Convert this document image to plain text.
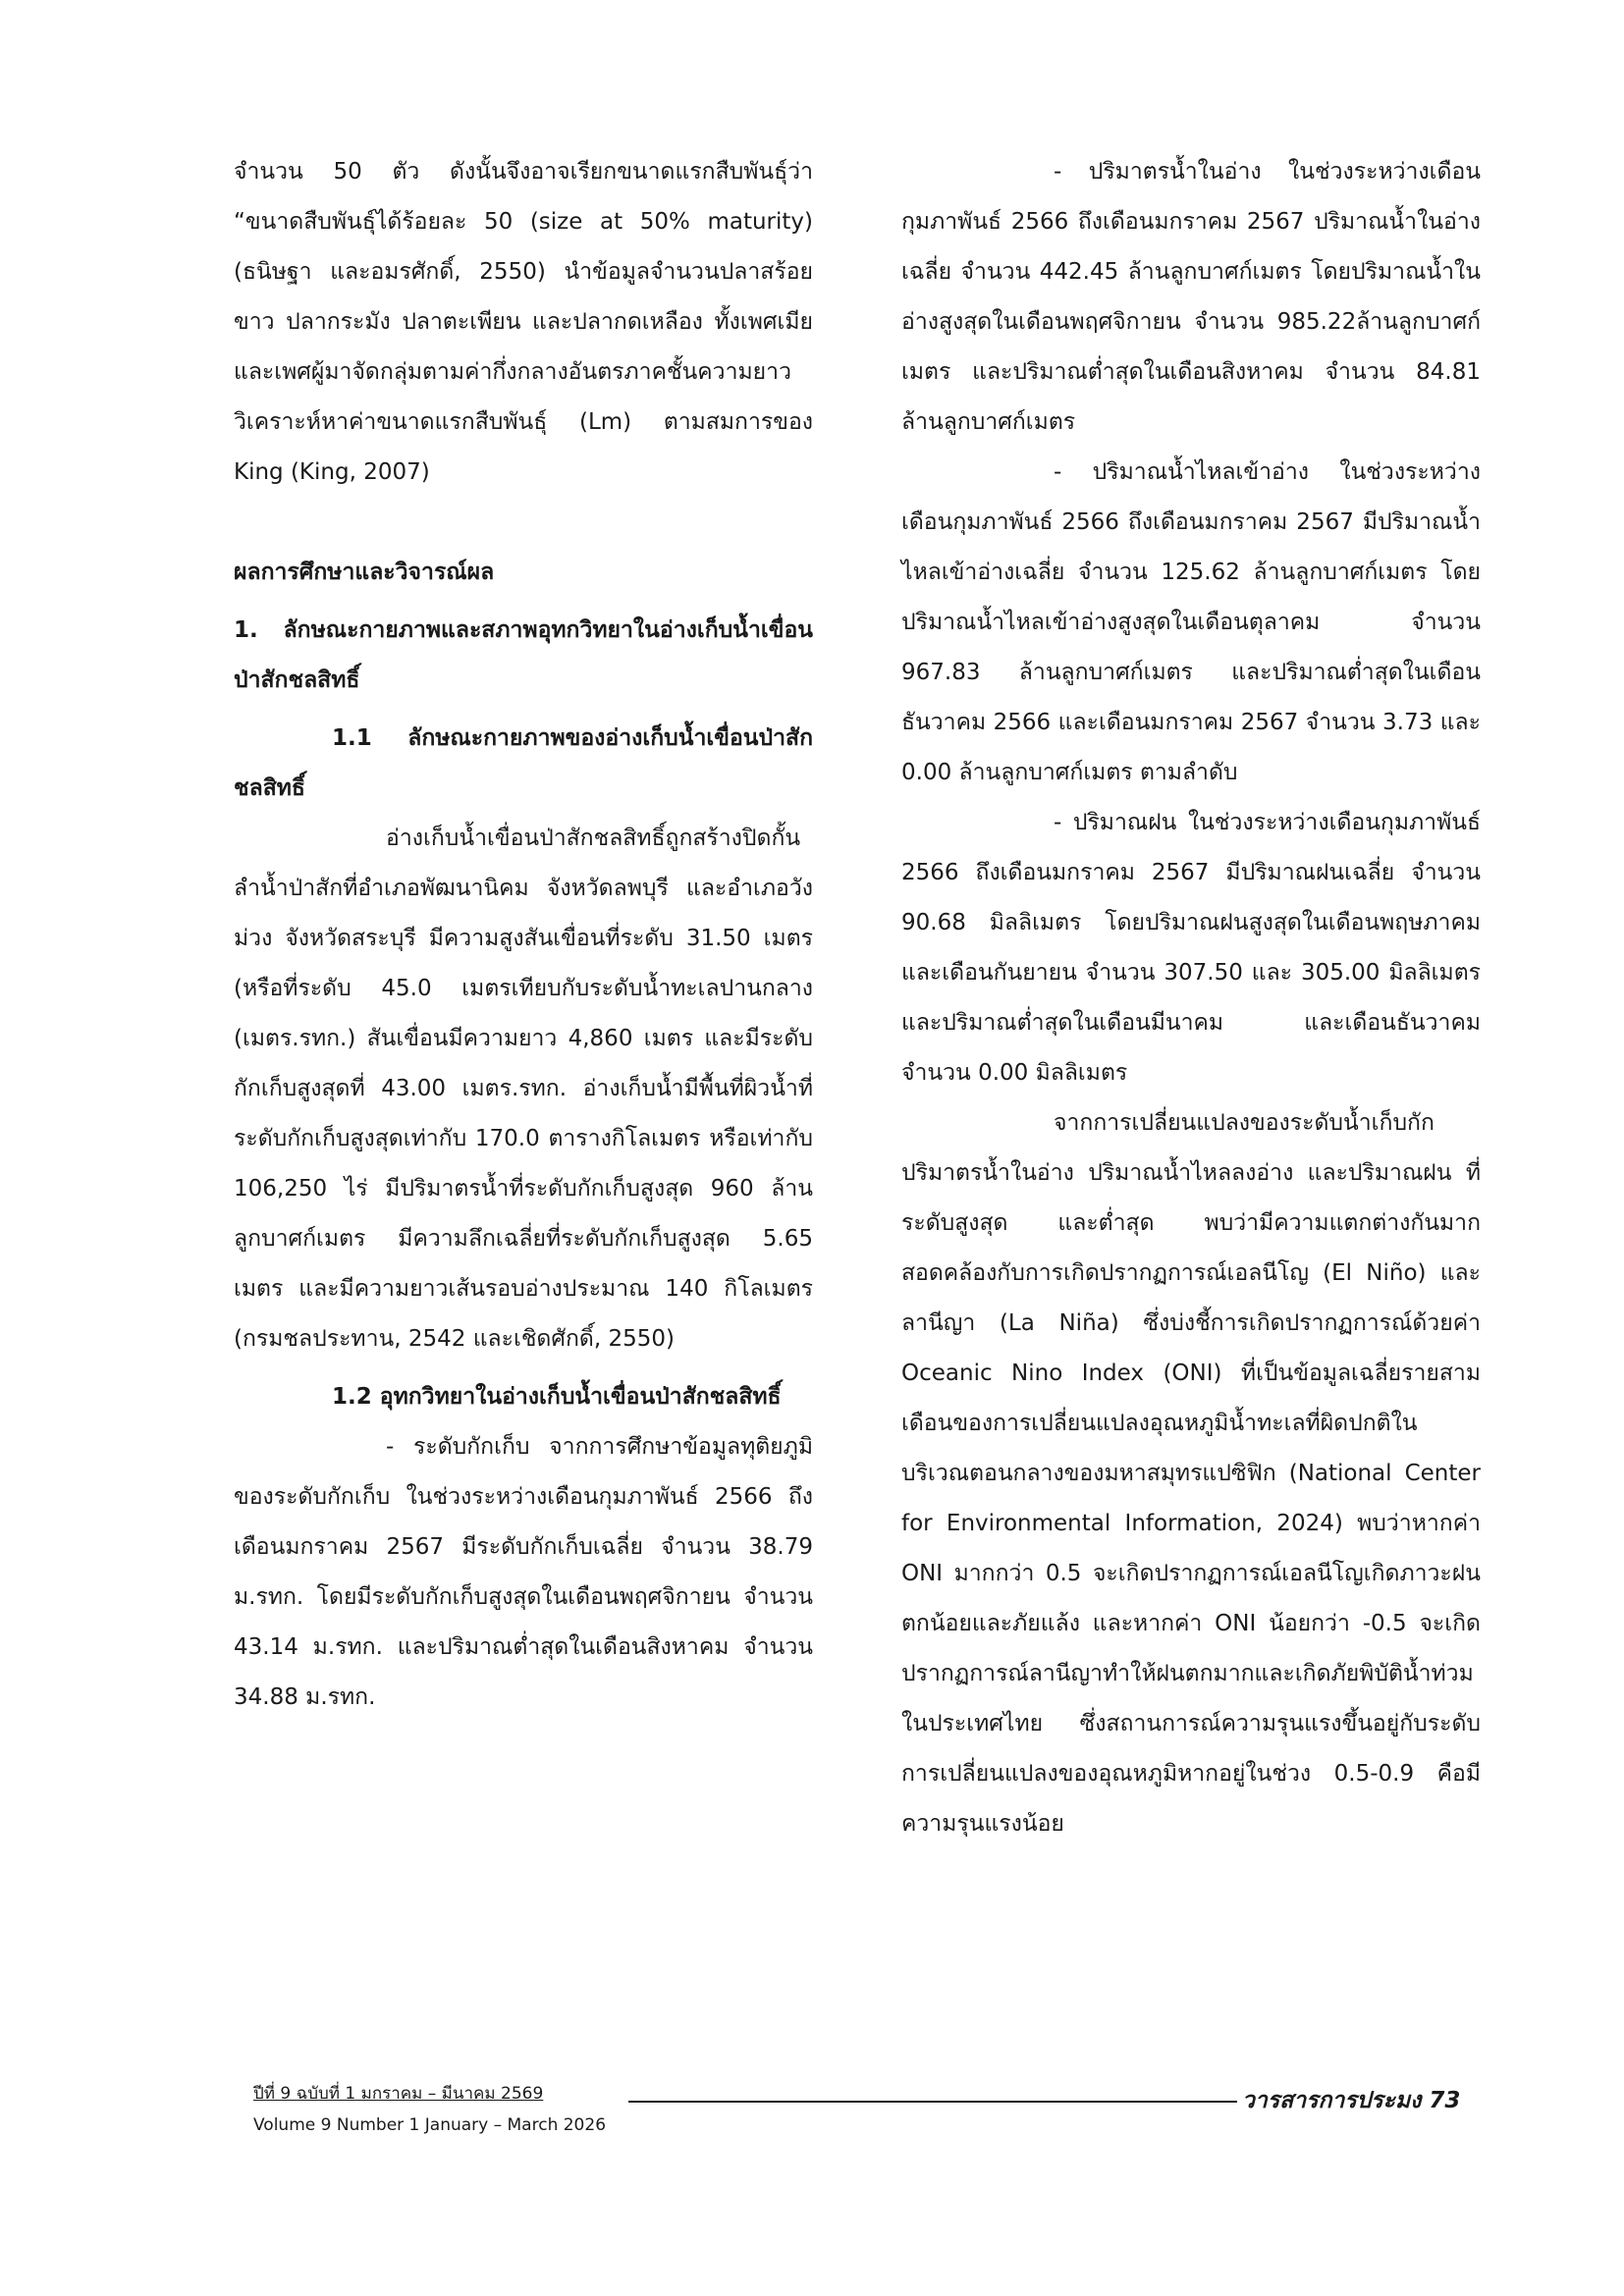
จำนวน 50 ตัว ดังนั้นจึงอาจเรียกขนาดแรกสืบพันธุ์ว่า “ขนาดสืบพันธุ์ได้ร้อยละ 50 (size at 50% maturity) (ธนิษฐา และอมรศักดิ์, 2550) นำข้อมูลจำนวนปลาสร้อยขาว ปลากระมัง ปลาตะเพียน และปลากดเหลือง ทั้งเพศเมียและเพศผู้มาจัดกลุ่มตามค่ากึ่งกลางอันตรภาคชั้นความยาว วิเคราะห์หาค่าขนาดแรกสืบพันธุ์ (Lm) ตามสมการของ King (King, 2007)

ผลการศึกษาและวิจารณ์ผล

1. ลักษณะกายภาพและสภาพอุทกวิทยาในอ่างเก็บน้ำเขื่อนป่าสักชลสิทธิ์

1.1 ลักษณะกายภาพของอ่างเก็บน้ำเขื่อนป่าสักชลสิทธิ์

อ่างเก็บน้ำเขื่อนป่าสักชลสิทธิ์ถูกสร้างปิดกั้นลำน้ำป่าสักที่อำเภอพัฒนานิคม จังหวัดลพบุรี และอำเภอวังม่วง จังหวัดสระบุรี มีความสูงสันเขื่อนที่ระดับ 31.50 เมตร (หรือที่ระดับ 45.0 เมตรเทียบกับระดับน้ำทะเลปานกลาง (เมตร.รทก.) สันเขื่อนมีความยาว 4,860 เมตร และมีระดับกักเก็บสูงสุดที่ 43.00 เมตร.รทก. อ่างเก็บน้ำมีพื้นที่ผิวน้ำที่ระดับกักเก็บสูงสุดเท่ากับ 170.0 ตารางกิโลเมตร หรือเท่ากับ 106,250 ไร่ มีปริมาตรน้ำที่ระดับกักเก็บสูงสุด 960 ล้านลูกบาศก์เมตร มีความลึกเฉลี่ยที่ระดับกักเก็บสูงสุด 5.65 เมตร และมีความยาวเส้นรอบอ่างประมาณ 140 กิโลเมตร (กรมชลประทาน, 2542 และเชิดศักดิ์, 2550)

1.2 อุทกวิทยาในอ่างเก็บน้ำเขื่อนป่าสักชลสิทธิ์

- ระดับกักเก็บ จากการศึกษาข้อมูลทุติยภูมิของระดับกักเก็บ ในช่วงระหว่างเดือนกุมภาพันธ์ 2566 ถึงเดือนมกราคม 2567 มีระดับกักเก็บเฉลี่ย จำนวน 38.79 ม.รทก. โดยมีระดับกักเก็บสูงสุดในเดือนพฤศจิกายน จำนวน 43.14 ม.รทก. และปริมาณต่ำสุดในเดือนสิงหาคม จำนวน 34.88 ม.รทก.

- ปริมาตรน้ำในอ่าง ในช่วงระหว่างเดือนกุมภาพันธ์ 2566 ถึงเดือนมกราคม 2567 ปริมาณน้ำในอ่างเฉลี่ย จำนวน 442.45 ล้านลูกบาศก์เมตร โดยปริมาณน้ำในอ่างสูงสุดในเดือนพฤศจิกายน จำนวน 985.22ล้านลูกบาศก์เมตร และปริมาณต่ำสุดในเดือนสิงหาคม จำนวน 84.81 ล้านลูกบาศก์เมตร

- ปริมาณน้ำไหลเข้าอ่าง ในช่วงระหว่างเดือนกุมภาพันธ์ 2566 ถึงเดือนมกราคม 2567 มีปริมาณน้ำไหลเข้าอ่างเฉลี่ย จำนวน 125.62 ล้านลูกบาศก์เมตร โดยปริมาณน้ำไหลเข้าอ่างสูงสุดในเดือนตุลาคม จำนวน 967.83 ล้านลูกบาศก์เมตร และปริมาณต่ำสุดในเดือนธันวาคม 2566 และเดือนมกราคม 2567 จำนวน 3.73 และ 0.00 ล้านลูกบาศก์เมตร ตามลำดับ

- ปริมาณฝน ในช่วงระหว่างเดือนกุมภาพันธ์ 2566 ถึงเดือนมกราคม 2567 มีปริมาณฝนเฉลี่ย จำนวน 90.68 มิลลิเมตร โดยปริมาณฝนสูงสุดในเดือนพฤษภาคม และเดือนกันยายน จำนวน 307.50 และ 305.00 มิลลิเมตร และปริมาณต่ำสุดในเดือนมีนาคม และเดือนธันวาคม จำนวน 0.00 มิลลิเมตร

จากการเปลี่ยนแปลงของระดับน้ำเก็บกักปริมาตรน้ำในอ่าง ปริมาณน้ำไหลลงอ่าง และปริมาณฝน ที่ระดับสูงสุด และต่ำสุด พบว่ามีความแตกต่างกันมาก สอดคล้องกับการเกิดปรากฏการณ์เอลนีโญ (El Niño) และลานีญา (La Niña) ซึ่งบ่งชี้การเกิดปรากฏการณ์ด้วยค่า Oceanic Nino Index (ONI) ที่เป็นข้อมูลเฉลี่ยรายสามเดือนของการเปลี่ยนแปลงอุณหภูมิน้ำทะเลที่ผิดปกติในบริเวณตอนกลางของมหาสมุทรแปซิฟิก (National Center for Environmental Information, 2024) พบว่าหากค่า ONI มากกว่า 0.5 จะเกิดปรากฏการณ์เอลนีโญเกิดภาวะฝนตกน้อยและภัยแล้ง และหากค่า ONI น้อยกว่า -0.5 จะเกิดปรากฏการณ์ลานีญาทำให้ฝนตกมากและเกิดภัยพิบัติน้ำท่วมในประเทศไทย ซึ่งสถานการณ์ความรุนแรงขึ้นอยู่กับระดับการเปลี่ยนแปลงของอุณหภูมิหากอยู่ในช่วง 0.5-0.9 คือมีความรุนแรงน้อย

ปีที่ 9 ฉบับที่ 1 มกราคม – มีนาคม 2569
Volume 9 Number 1 January – March 2026
วารสารการประมง 73
